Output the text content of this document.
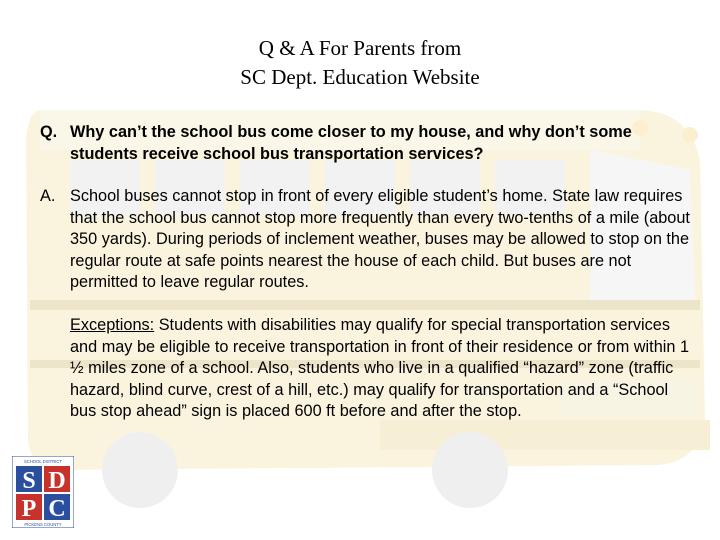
Q & A For Parents from
SC Dept. Education Website
Q. Why can’t the school bus come closer to my house, and why don’t some students receive school bus transportation services?
A. School buses cannot stop in front of every eligible student’s home. State law requires that the school bus cannot stop more frequently than every two-tenths of a mile (about 350 yards). During periods of inclement weather, buses may be allowed to stop on the regular route at safe points nearest the house of each child. But buses are not permitted to leave regular routes.
Exceptions: Students with disabilities may qualify for special transportation services and may be eligible to receive transportation in front of their residence or from within 1 ½ miles zone of a school. Also, students who live in a qualified “hazard” zone (traffic hazard, blind curve, crest of a hill, etc.) may qualify for transportation and a “School bus stop ahead” sign is placed 600 ft before and after the stop.
SCHOOL DISTRICT
S D
P C
PICKENS COUNTY
